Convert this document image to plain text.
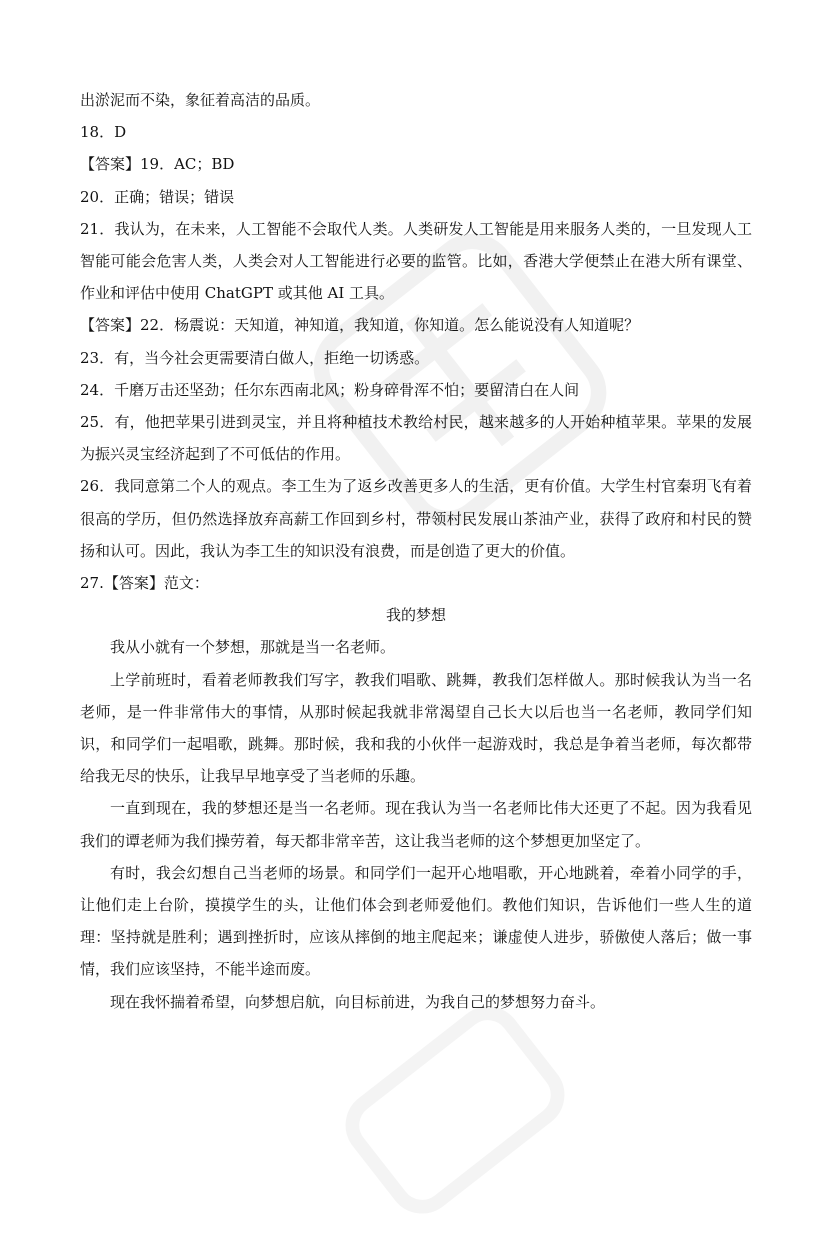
出淤泥而不染，象征着高洁的品质。

18．D

【答案】19．AC；BD

20．正确；错误；错误

21．我认为，在未来，人工智能不会取代人类。人类研发人工智能是用来服务人类的，一旦发现人工智能可能会危害人类，人类会对人工智能进行必要的监管。比如，香港大学便禁止在港大所有课堂、作业和评估中使用 ChatGPT 或其他 AI 工具。

【答案】22．杨震说：天知道，神知道，我知道，你知道。怎么能说没有人知道呢？

23．有，当今社会更需要清白做人，拒绝一切诱惑。

24．千磨万击还坚劲；任尔东西南北风；粉身碎骨浑不怕；要留清白在人间

25．有，他把苹果引进到灵宝，并且将种植技术教给村民，越来越多的人开始种植苹果。苹果的发展为振兴灵宝经济起到了不可低估的作用。

26．我同意第二个人的观点。李工生为了返乡改善更多人的生活，更有价值。大学生村官秦玥飞有着很高的学历，但仍然选择放弃高薪工作回到乡村，带领村民发展山茶油产业，获得了政府和村民的赞扬和认可。因此，我认为李工生的知识没有浪费，而是创造了更大的价值。

27.【答案】范文：

我的梦想

我从小就有一个梦想，那就是当一名老师。

上学前班时，看着老师教我们写字，教我们唱歌、跳舞，教我们怎样做人。那时候我认为当一名老师，是一件非常伟大的事情，从那时候起我就非常渴望自己长大以后也当一名老师，教同学们知识，和同学们一起唱歌，跳舞。那时候，我和我的小伙伴一起游戏时，我总是争着当老师，每次都带给我无尽的快乐，让我早早地享受了当老师的乐趣。

一直到现在，我的梦想还是当一名老师。现在我认为当一名老师比伟大还更了不起。因为我看见我们的谭老师为我们操劳着，每天都非常辛苦，这让我当老师的这个梦想更加坚定了。

有时，我会幻想自己当老师的场景。和同学们一起开心地唱歌，开心地跳着，牵着小同学的手，让他们走上台阶，摸摸学生的头，让他们体会到老师爱他们。教他们知识，告诉他们一些人生的道理：坚持就是胜利；遇到挫折时，应该从摔倒的地主爬起来；谦虚使人进步，骄傲使人落后；做一事情，我们应该坚持，不能半途而废。

现在我怀揣着希望，向梦想启航，向目标前进，为我自己的梦想努力奋斗。
